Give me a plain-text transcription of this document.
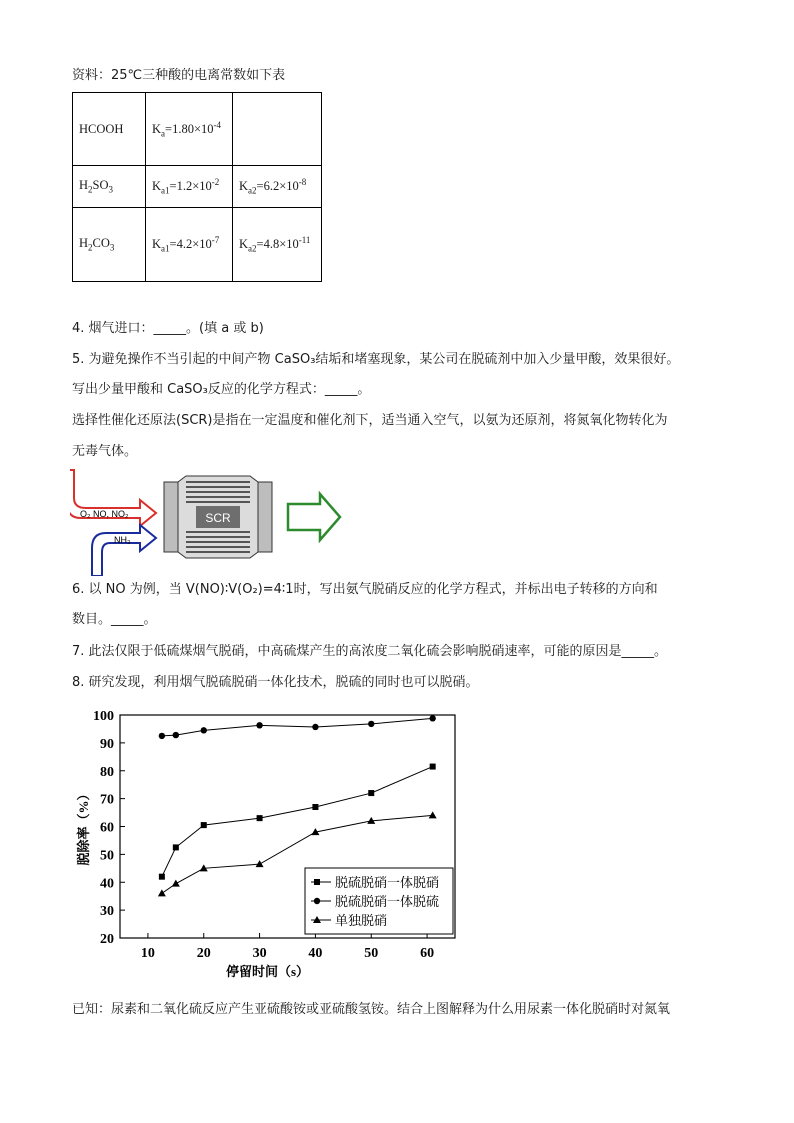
资料：25℃三种酸的电离常数如下表
HCOOH	$K_a=1.80\times 10^{-4}$	
$H_2SO_3$	$K_{a1}=1.2\times 10^{-2}$	$K_{a2}=6.2\times 10^{-8}$
$H_2CO_3$	$K_{a1}=4.2\times 10^{-7}$	$K_{a2}=4.8\times 10^{-11}$
4. 烟气进口：_____。(填 a 或 b)
5. 为避免操作不当引起的中间产物 CaSO₃结垢和堵塞现象，某公司在脱硫剂中加入少量甲酸，效果很好。
写出少量甲酸和 CaSO₃反应的化学方程式：_____。
选择性催化还原法(SCR)是指在一定温度和催化剂下，适当通入空气，以氨为还原剂，将氮氧化物转化为
无毒气体。
O₂ NO, NO₂
NH₃
SCR
6. 以 NO 为例，当 V(NO)∶V(O₂)=4∶1时，写出氨气脱硝反应的化学方程式，并标出电子转移的方向和
数目。_____。
7. 此法仅限于低硫煤烟气脱硝，中高硫煤产生的高浓度二氧化硫会影响脱硝速率，可能的原因是_____。
8. 研究发现，利用烟气脱硫脱硝一体化技术，脱硫的同时也可以脱硝。
20
30
40
50
60
70
80
90
100
10	20	30	40	50	60
停留时间（s）
脱除率（%）
脱硫脱硝一体脱硝
脱硫脱硝一体脱硫
单独脱硝
已知：尿素和二氧化硫反应产生亚硫酸铵或亚硫酸氢铵。结合上图解释为什么用尿素一体化脱硝时对氮氧
